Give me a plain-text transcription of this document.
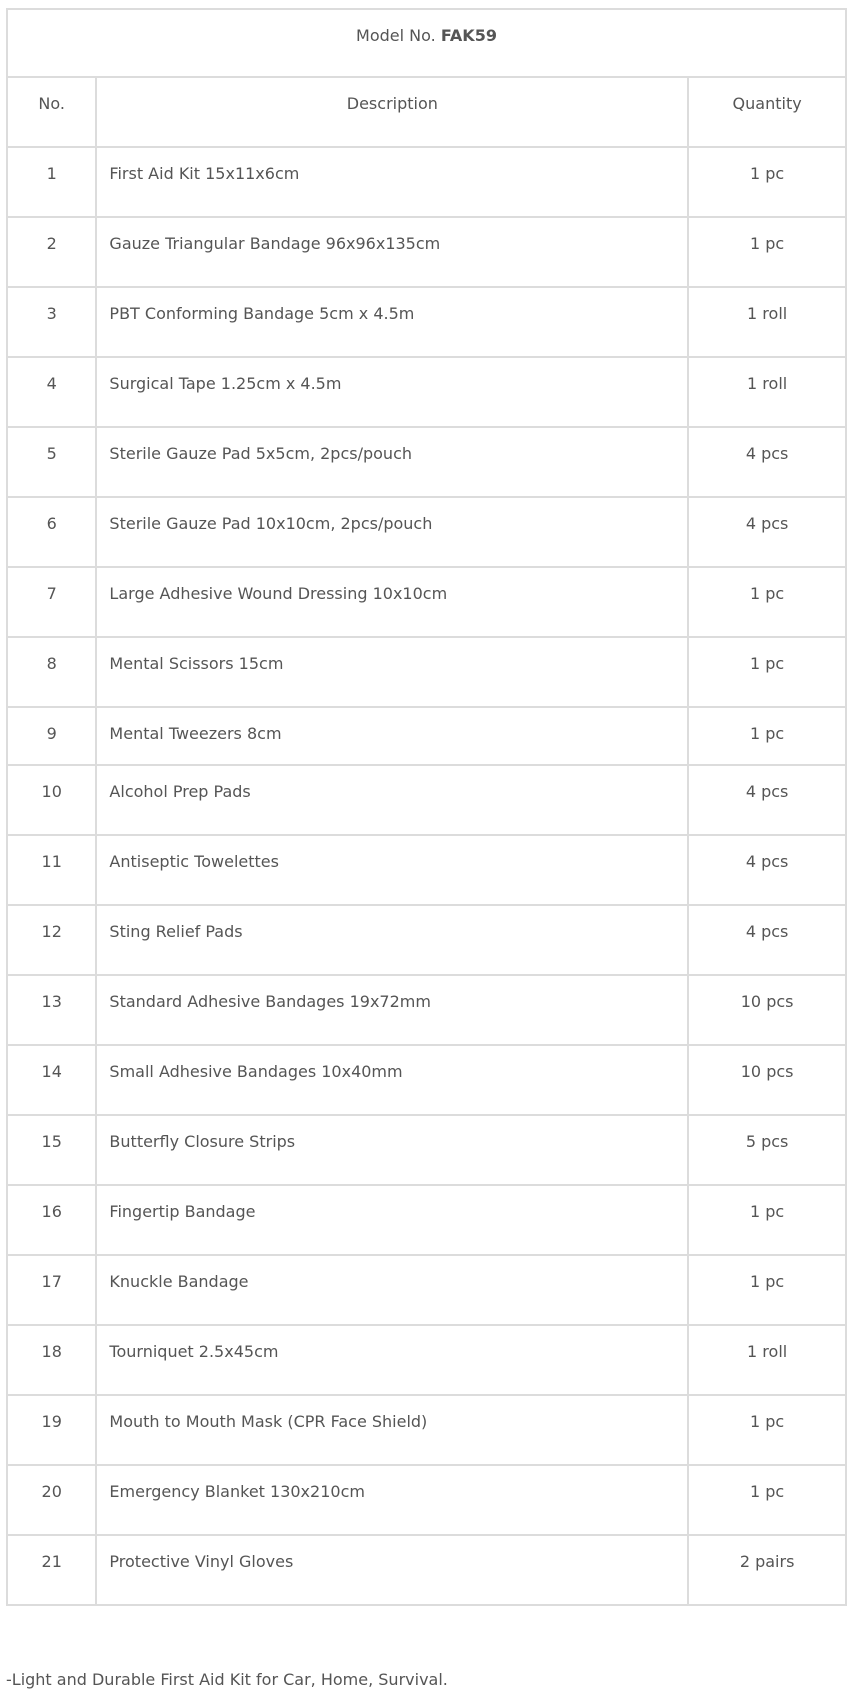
Model No. FAK59		
No.	Description	Quantity
1	First Aid Kit 15x11x6cm	1 pc
2	Gauze Triangular Bandage 96x96x135cm	1 pc
3	PBT Conforming Bandage 5cm x 4.5m	1 roll
4	Surgical Tape 1.25cm x 4.5m	1 roll
5	Sterile Gauze Pad 5x5cm, 2pcs/pouch	4 pcs
6	Sterile Gauze Pad 10x10cm, 2pcs/pouch	4 pcs
7	Large Adhesive Wound Dressing 10x10cm	1 pc
8	Mental Scissors 15cm	1 pc
9	Mental Tweezers 8cm	1 pc
10	Alcohol Prep Pads	4 pcs
11	Antiseptic Towelettes	4 pcs
12	Sting Relief Pads	4 pcs
13	Standard Adhesive Bandages 19x72mm	10 pcs
14	Small Adhesive Bandages 10x40mm	10 pcs
15	Butterfly Closure Strips	5 pcs
16	Fingertip Bandage	1 pc
17	Knuckle Bandage	1 pc
18	Tourniquet 2.5x45cm	1 roll
19	Mouth to Mouth Mask (CPR Face Shield)	1 pc
20	Emergency Blanket 130x210cm	1 pc
21	Protective Vinyl Gloves	2 pairs
-Light and Durable First Aid Kit for Car, Home, Survival.
